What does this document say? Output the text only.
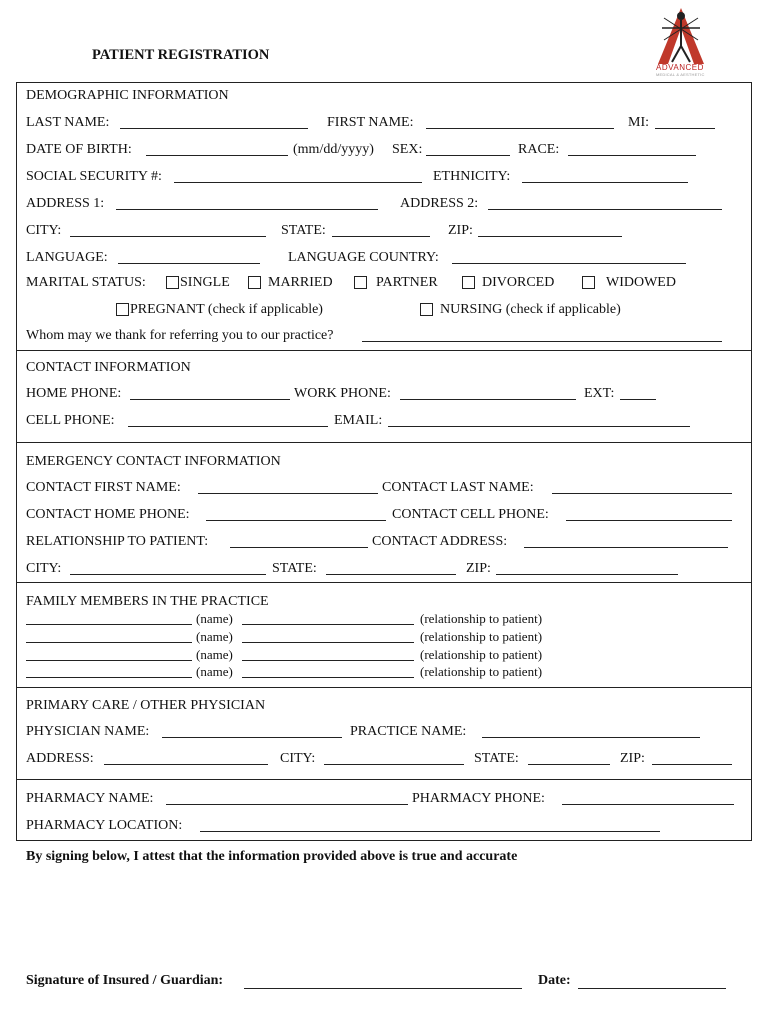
PATIENT REGISTRATION
ADVANCED
MEDICAL & AESTHETIC
DEMOGRAPHIC INFORMATION
LAST NAME:	FIRST NAME:	MI:
DATE OF BIRTH:	(mm/dd/yyyy) SEX:	RACE:
SOCIAL SECURITY #:	ETHNICITY:
ADDRESS 1:	ADDRESS 2:
CITY:	STATE:	ZIP:
LANGUAGE:	LANGUAGE COUNTRY:
MARITAL STATUS: SINGLE	MARRIED	PARTNER	DIVORCED	WIDOWED
PREGNANT (check if applicable)	NURSING (check if applicable)
Whom may we thank for referring you to our practice?
CONTACT INFORMATION
HOME PHONE:	WORK PHONE:	EXT:
CELL PHONE:	EMAIL:
EMERGENCY CONTACT INFORMATION
CONTACT FIRST NAME:	CONTACT LAST NAME:
CONTACT HOME PHONE:	CONTACT CELL PHONE:
RELATIONSHIP TO PATIENT:	CONTACT ADDRESS:
CITY:	STATE:	ZIP:
FAMILY MEMBERS IN THE PRACTICE
(name)	(relationship to patient)
(name)	(relationship to patient)
(name)	(relationship to patient)
(name)	(relationship to patient)
PRIMARY CARE / OTHER PHYSICIAN
PHYSICIAN NAME:	PRACTICE NAME:
ADDRESS:	CITY:	STATE:	ZIP:
PHARMACY NAME:	PHARMACY PHONE:
PHARMACY LOCATION:
By signing below, I attest that the information provided above is true and accurate
Signature of Insured / Guardian:	Date:
